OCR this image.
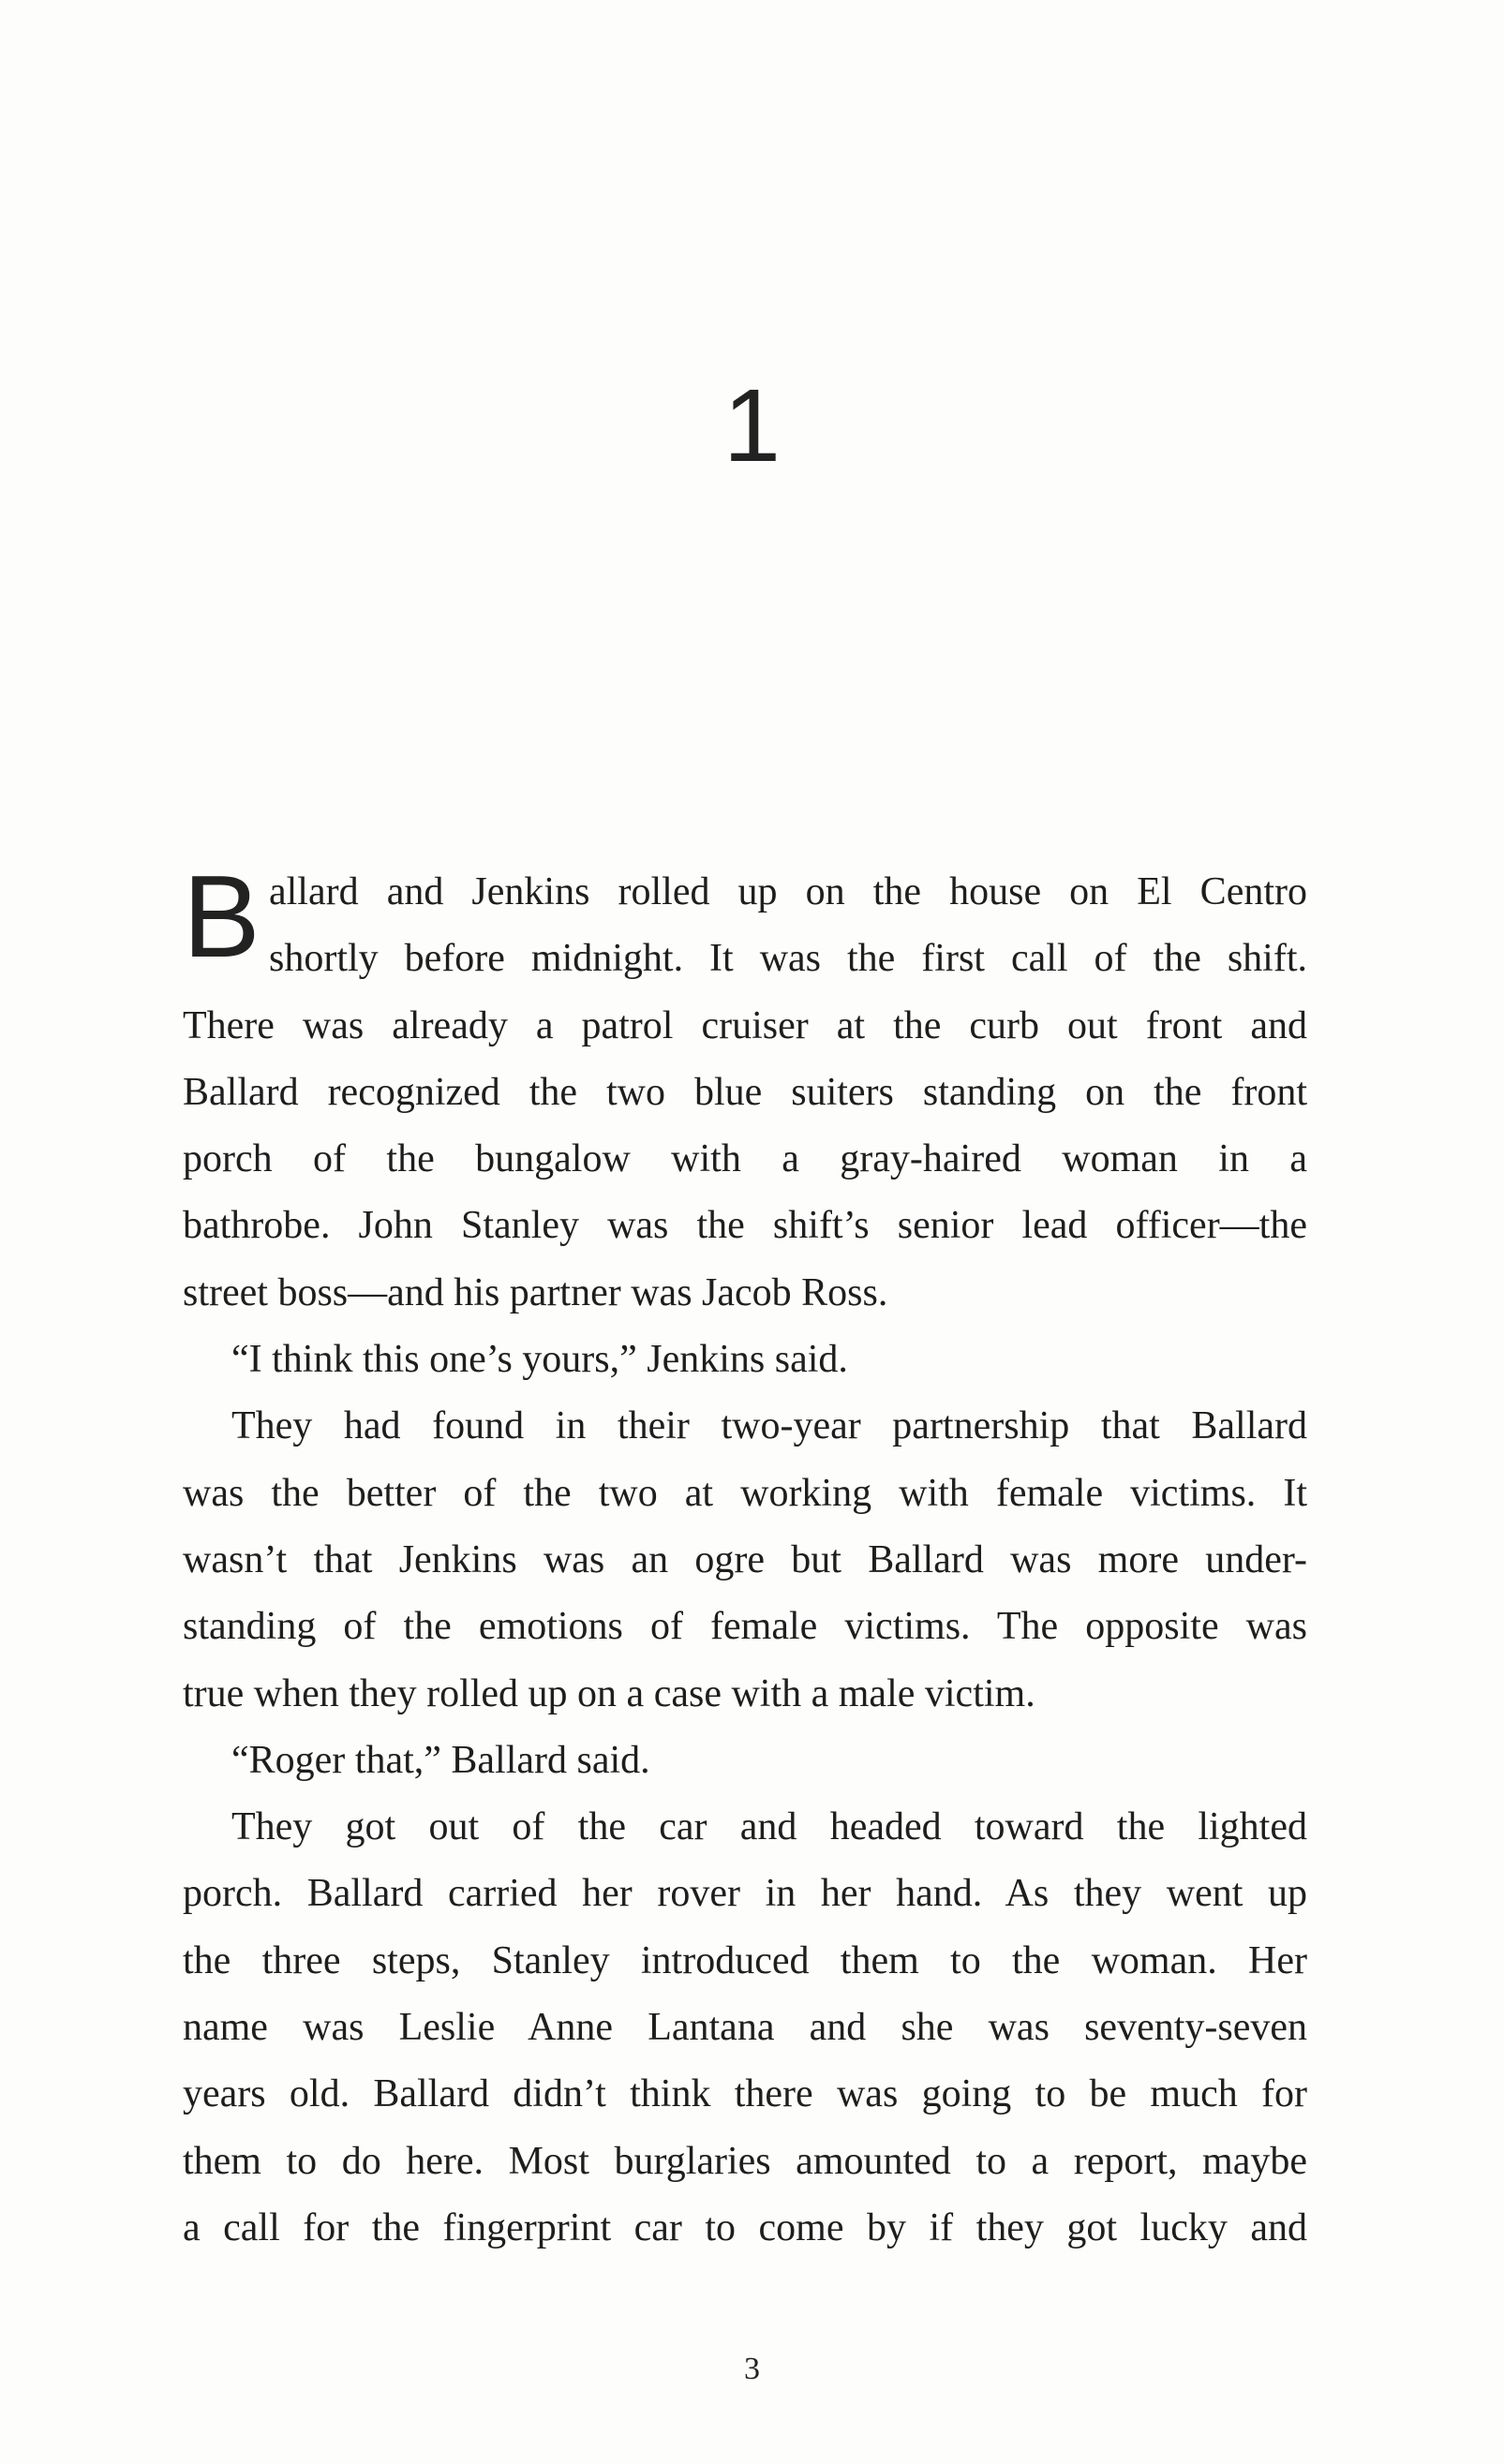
1
B allard and Jenkins rolled up on the house on El Centro
shortly before midnight. It was the first call of the shift.
There was already a patrol cruiser at the curb out front and
Ballard recognized the two blue suiters standing on the front
porch of the bungalow with a gray-haired woman in a
bathrobe. John Stanley was the shift’s senior lead officer—the
street boss—and his partner was Jacob Ross.
“I think this one’s yours,” Jenkins said.
They had found in their two-year partnership that Ballard
was the better of the two at working with female victims. It
wasn’t that Jenkins was an ogre but Ballard was more under-
standing of the emotions of female victims. The opposite was
true when they rolled up on a case with a male victim.
“Roger that,” Ballard said.
They got out of the car and headed toward the lighted
porch. Ballard carried her rover in her hand. As they went up
the three steps, Stanley introduced them to the woman. Her
name was Leslie Anne Lantana and she was seventy-seven
years old. Ballard didn’t think there was going to be much for
them to do here. Most burglaries amounted to a report, maybe
a call for the fingerprint car to come by if they got lucky and
3
